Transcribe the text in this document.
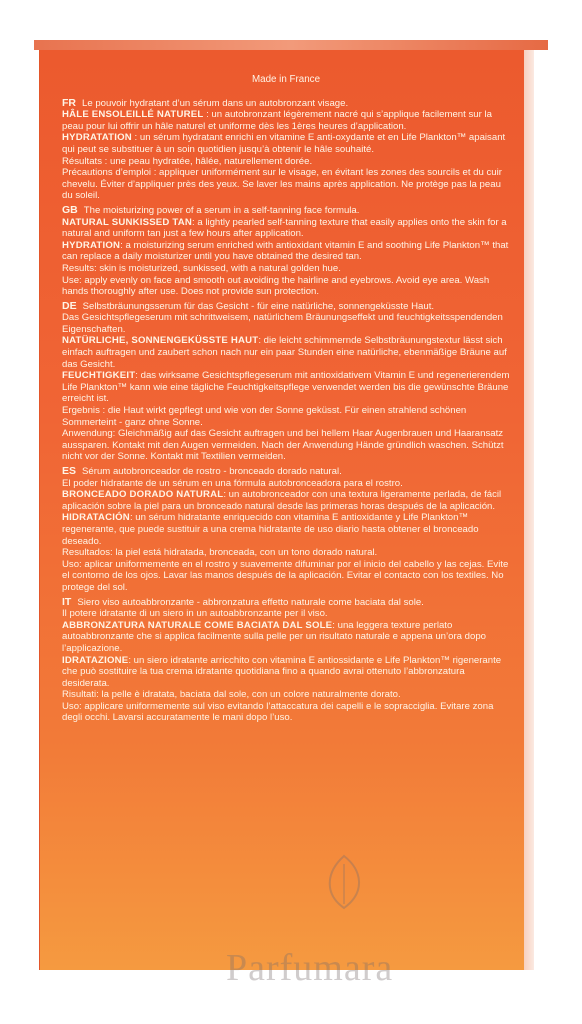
Made in France

FR Le pouvoir hydratant d’un sérum dans un autobronzant visage.

HÂLE ENSOLEILLÉ NATUREL : un autobronzant légèrement nacré qui s’applique facilement sur la peau pour lui offrir un hâle naturel et uniforme dès les 1ères heures d’application.

HYDRATATION : un sérum hydratant enrichi en vitamine E anti-oxydante et en Life Plankton™ apaisant qui peut se substituer à un soin quotidien jusqu’à obtenir le hâle souhaité.

Résultats : une peau hydratée, hâlée, naturellement dorée.

Précautions d’emploi : appliquer uniformément sur le visage, en évitant les zones des sourcils et du cuir chevelu. Éviter d’appliquer près des yeux. Se laver les mains après application. Ne protège pas la peau du soleil.

GB The moisturizing power of a serum in a self-tanning face formula.

NATURAL SUNKISSED TAN: a lightly pearled self-tanning texture that easily applies onto the skin for a natural and uniform tan just a few hours after application.

HYDRATION: a moisturizing serum enriched with antioxidant vitamin E and soothing Life Plankton™ that can replace a daily moisturizer until you have obtained the desired tan.

Results: skin is moisturized, sunkissed, with a natural golden hue.

Use: apply evenly on face and smooth out avoiding the hairline and eyebrows. Avoid eye area. Wash hands thoroughly after use. Does not provide sun protection.

DE Selbstbräunungsserum für das Gesicht - für eine natürliche, sonnengeküsste Haut.

Das Gesichtspflegeserum mit schrittweisem, natürlichem Bräunungseffekt und feuchtigkeitsspendenden Eigenschaften.

NATÜRLICHE, SONNENGEKÜSSTE HAUT: die leicht schimmernde Selbstbräunungstextur lässt sich einfach auftragen und zaubert schon nach nur ein paar Stunden eine natürliche, ebenmäßige Bräune auf das Gesicht.

FEUCHTIGKEIT: das wirksame Gesichtspflegeserum mit antioxidativem Vitamin E und regenerierendem Life Plankton™ kann wie eine tägliche Feuchtigkeitspflege verwendet werden bis die gewünschte Bräune erreicht ist.

Ergebnis : die Haut wirkt gepflegt und wie von der Sonne geküsst. Für einen strahlend schönen Sommerteint - ganz ohne Sonne.

Anwendung: Gleichmäßig auf das Gesicht auftragen und bei hellem Haar Augenbrauen und Haaransatz aussparen. Kontakt mit den Augen vermeiden. Nach der Anwendung Hände gründlich waschen. Schützt nicht vor der Sonne. Kontakt mit Textilien vermeiden.

ES Sérum autobronceador de rostro - bronceado dorado natural.

El poder hidratante de un sérum en una fórmula autobronceadora para el rostro.

BRONCEADO DORADO NATURAL: un autobronceador con una textura ligeramente perlada, de fácil aplicación sobre la piel para un bronceado natural desde las primeras horas después de la aplicación.

HIDRATACIÓN: un sérum hidratante enriquecido con vitamina E antioxidante y Life Plankton™ regenerante, que puede sustituir a una crema hidratante de uso diario hasta obtener el bronceado deseado.

Resultados: la piel está hidratada, bronceada, con un tono dorado natural.

Uso: aplicar uniformemente en el rostro y suavemente difuminar por el inicio del cabello y las cejas. Evite el contorno de los ojos. Lavar las manos después de la aplicación. Evitar el contacto con los textiles. No protege del sol.

IT Siero viso autoabbronzante - abbronzatura effetto naturale come baciata dal sole.

Il potere idratante di un siero in un autoabbronzante per il viso.

ABBRONZATURA NATURALE COME BACIATA DAL SOLE: una leggera texture perlato autoabbronzante che si applica facilmente sulla pelle per un risultato naturale e appena un’ora dopo l’applicazione.

IDRATAZIONE: un siero idratante arricchito con vitamina E antiossidante e Life Plankton™ rigenerante che può sostituire la tua crema idratante quotidiana fino a quando avrai ottenuto l’abbronzatura desiderata.

Risultati: la pelle è idratata, baciata dal sole, con un colore naturalmente dorato.

Uso: applicare uniformemente sul viso evitando l’attaccatura dei capelli e le sopracciglia. Evitare zona degli occhi. Lavarsi accuratamente le mani dopo l’uso.

Parfumara
